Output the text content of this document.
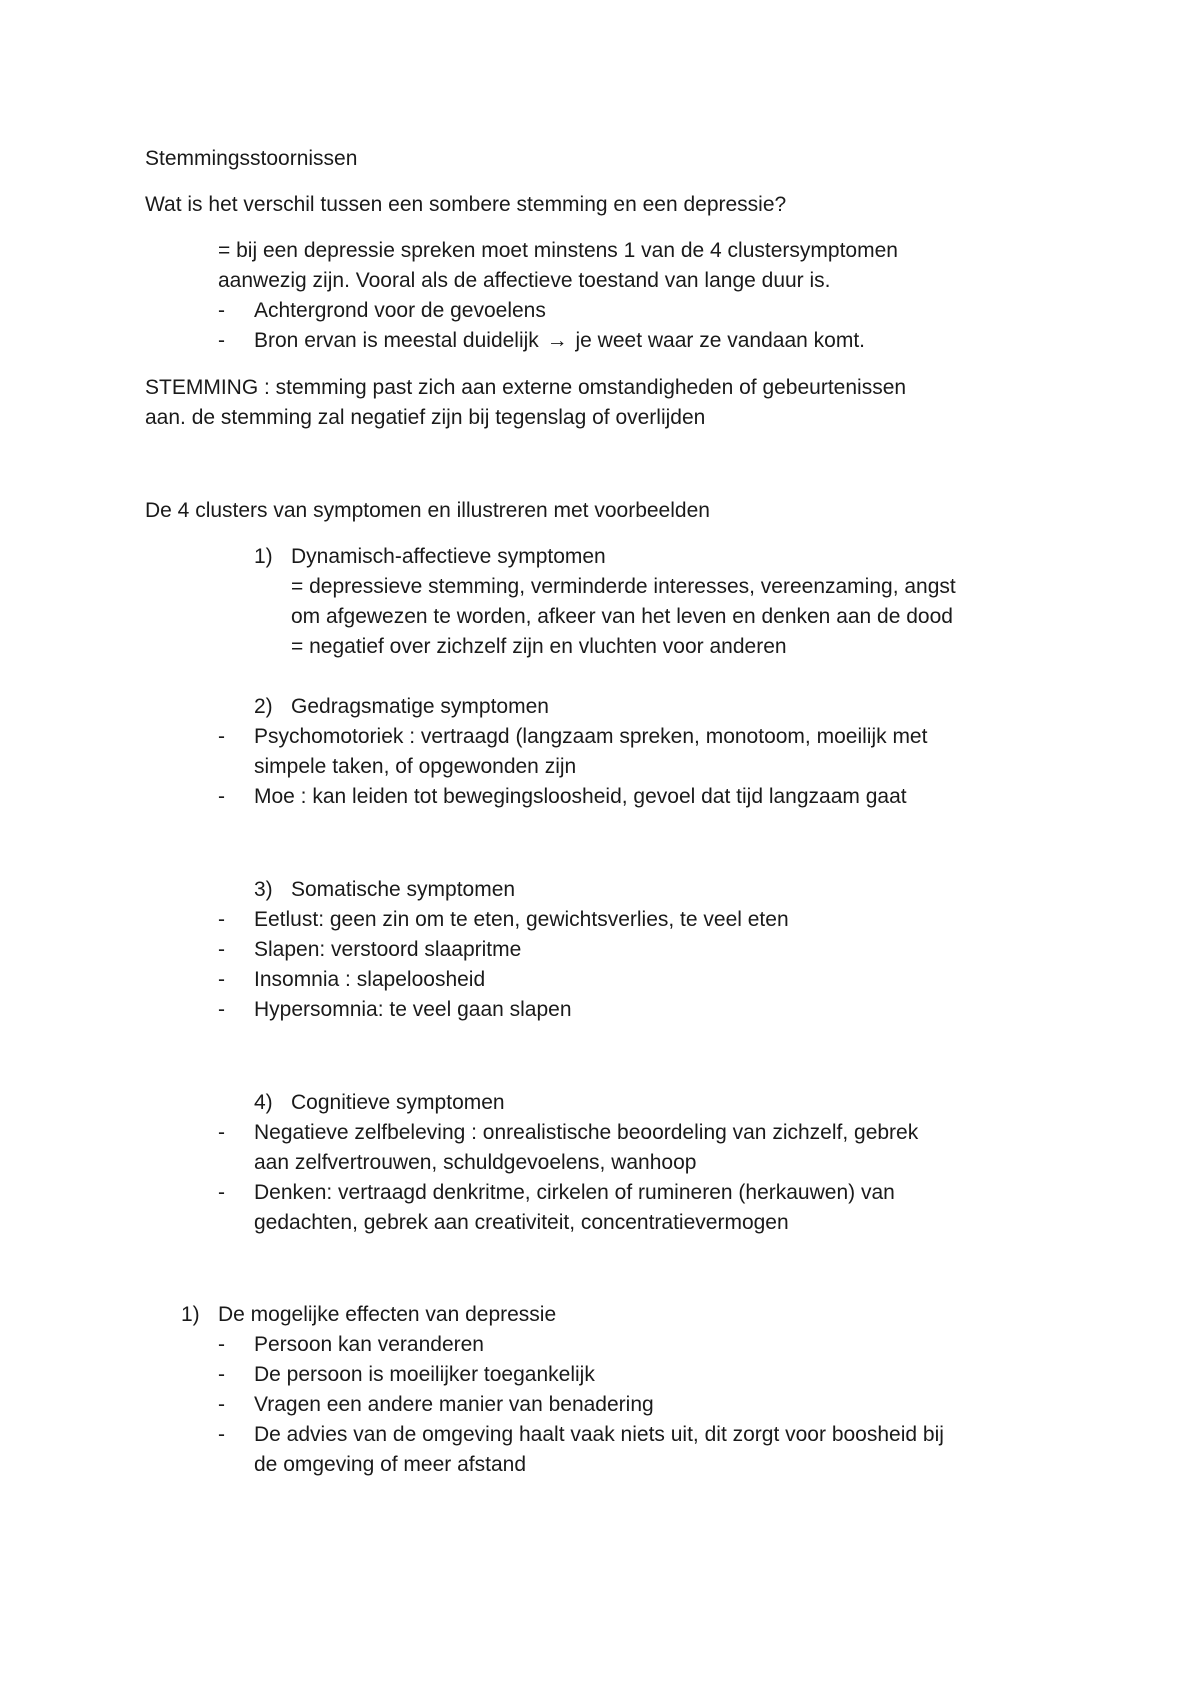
Stemmingsstoornissen
Wat is het verschil tussen een sombere stemming en een depressie?
= bij een depressie spreken moet minstens 1 van de 4 clustersymptomen
aanwezig zijn. Vooral als de affectieve toestand van lange duur is.
- Achtergrond voor de gevoelens
- Bron ervan is meestal duidelijk → je weet waar ze vandaan komt.
STEMMING : stemming past zich aan externe omstandigheden of gebeurtenissen
aan. de stemming zal negatief zijn bij tegenslag of overlijden
De 4 clusters van symptomen en illustreren met voorbeelden
1) Dynamisch-affectieve symptomen
= depressieve stemming, verminderde interesses, vereenzaming, angst
om afgewezen te worden, afkeer van het leven en denken aan de dood
= negatief over zichzelf zijn en vluchten voor anderen
2) Gedragsmatige symptomen
- Psychomotoriek : vertraagd (langzaam spreken, monotoom, moeilijk met
simpele taken, of opgewonden zijn
- Moe : kan leiden tot bewegingsloosheid, gevoel dat tijd langzaam gaat
3) Somatische symptomen
- Eetlust: geen zin om te eten, gewichtsverlies, te veel eten
- Slapen: verstoord slaapritme
- Insomnia : slapeloosheid
- Hypersomnia: te veel gaan slapen
4) Cognitieve symptomen
- Negatieve zelfbeleving : onrealistische beoordeling van zichzelf, gebrek
aan zelfvertrouwen, schuldgevoelens, wanhoop
- Denken: vertraagd denkritme, cirkelen of rumineren (herkauwen) van
gedachten, gebrek aan creativiteit, concentratievermogen
1) De mogelijke effecten van depressie
- Persoon kan veranderen
- De persoon is moeilijker toegankelijk
- Vragen een andere manier van benadering
- De advies van de omgeving haalt vaak niets uit, dit zorgt voor boosheid bij
de omgeving of meer afstand
